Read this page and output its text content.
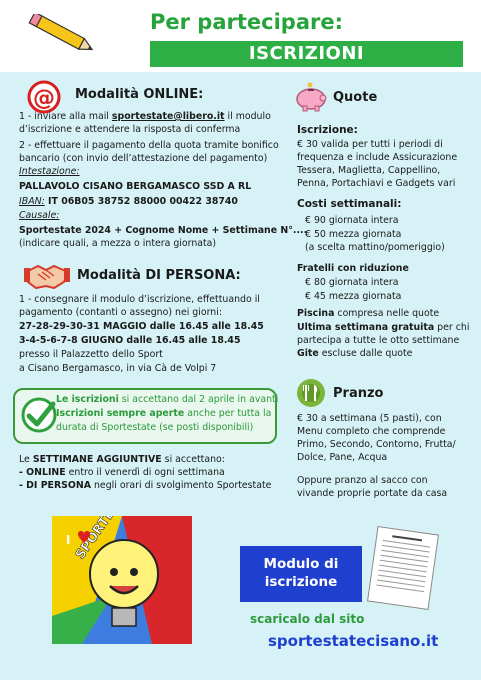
Per partecipare:
ISCRIZIONI
@ Modalità ONLINE:
1 - inviare alla mail sportestate@libero.it il modulo
d’iscrizione e attendere la risposta di conferma
2 - effettuare il pagamento della quota tramite bonifico
bancario (con invio dell’attestazione del pagamento)
Intestazione:
PALLAVOLO CISANO BERGAMASCO SSD A RL
IBAN: IT 06B05 38752 88000 00422 38740
Causale:
Sportestate 2024 + Cognome Nome + Settimane N°....
(indicare quali, a mezza o intera giornata)
Modalità DI PERSONA:
1 - consegnare il modulo d’iscrizione, effettuando il
pagamento (contanti o assegno) nei giorni:
27-28-29-30-31 MAGGIO dalle 16.45 alle 18.45
3-4-5-6-7-8 GIUGNO dalle 16.45 alle 18.45
presso il Palazzetto dello Sport
a Cisano Bergamasco, in via Cà de Volpi 7
Le iscrizioni si accettano dal 2 aprile in avanti
Iscrizioni sempre aperte anche per tutta la
durata di Sportestate (se posti disponibili)
Le SETTIMANE AGGIUNTIVE si accettano:
- ONLINE entro il venerdì di ogni settimana
- DI PERSONA negli orari di svolgimento Sportestate
Quote
Iscrizione:
€ 30 valida per tutti i periodi di
frequenza e include Assicurazione
Tessera, Maglietta, Cappellino,
Penna, Portachiavi e Gadgets vari
Costi settimanali:
€ 90 giornata intera
€ 50 mezza giornata
(a scelta mattino/pomeriggio)
Fratelli con riduzione
€ 80 giornata intera
€ 45 mezza giornata
Piscina compresa nelle quote
Ultima settimana gratuita per chi
partecipa a tutte le otto settimane
Gite escluse dalle quote
Pranzo
€ 30 a settimana (5 pasti), con
Menu completo che comprende
Primo, Secondo, Contorno, Frutta/
Dolce, Pane, Acqua
Oppure pranzo al sacco con
vivande proprie portate da casa
I
Modulo di
iscrizione
scaricalo dal sito
sportestatecisano.it
